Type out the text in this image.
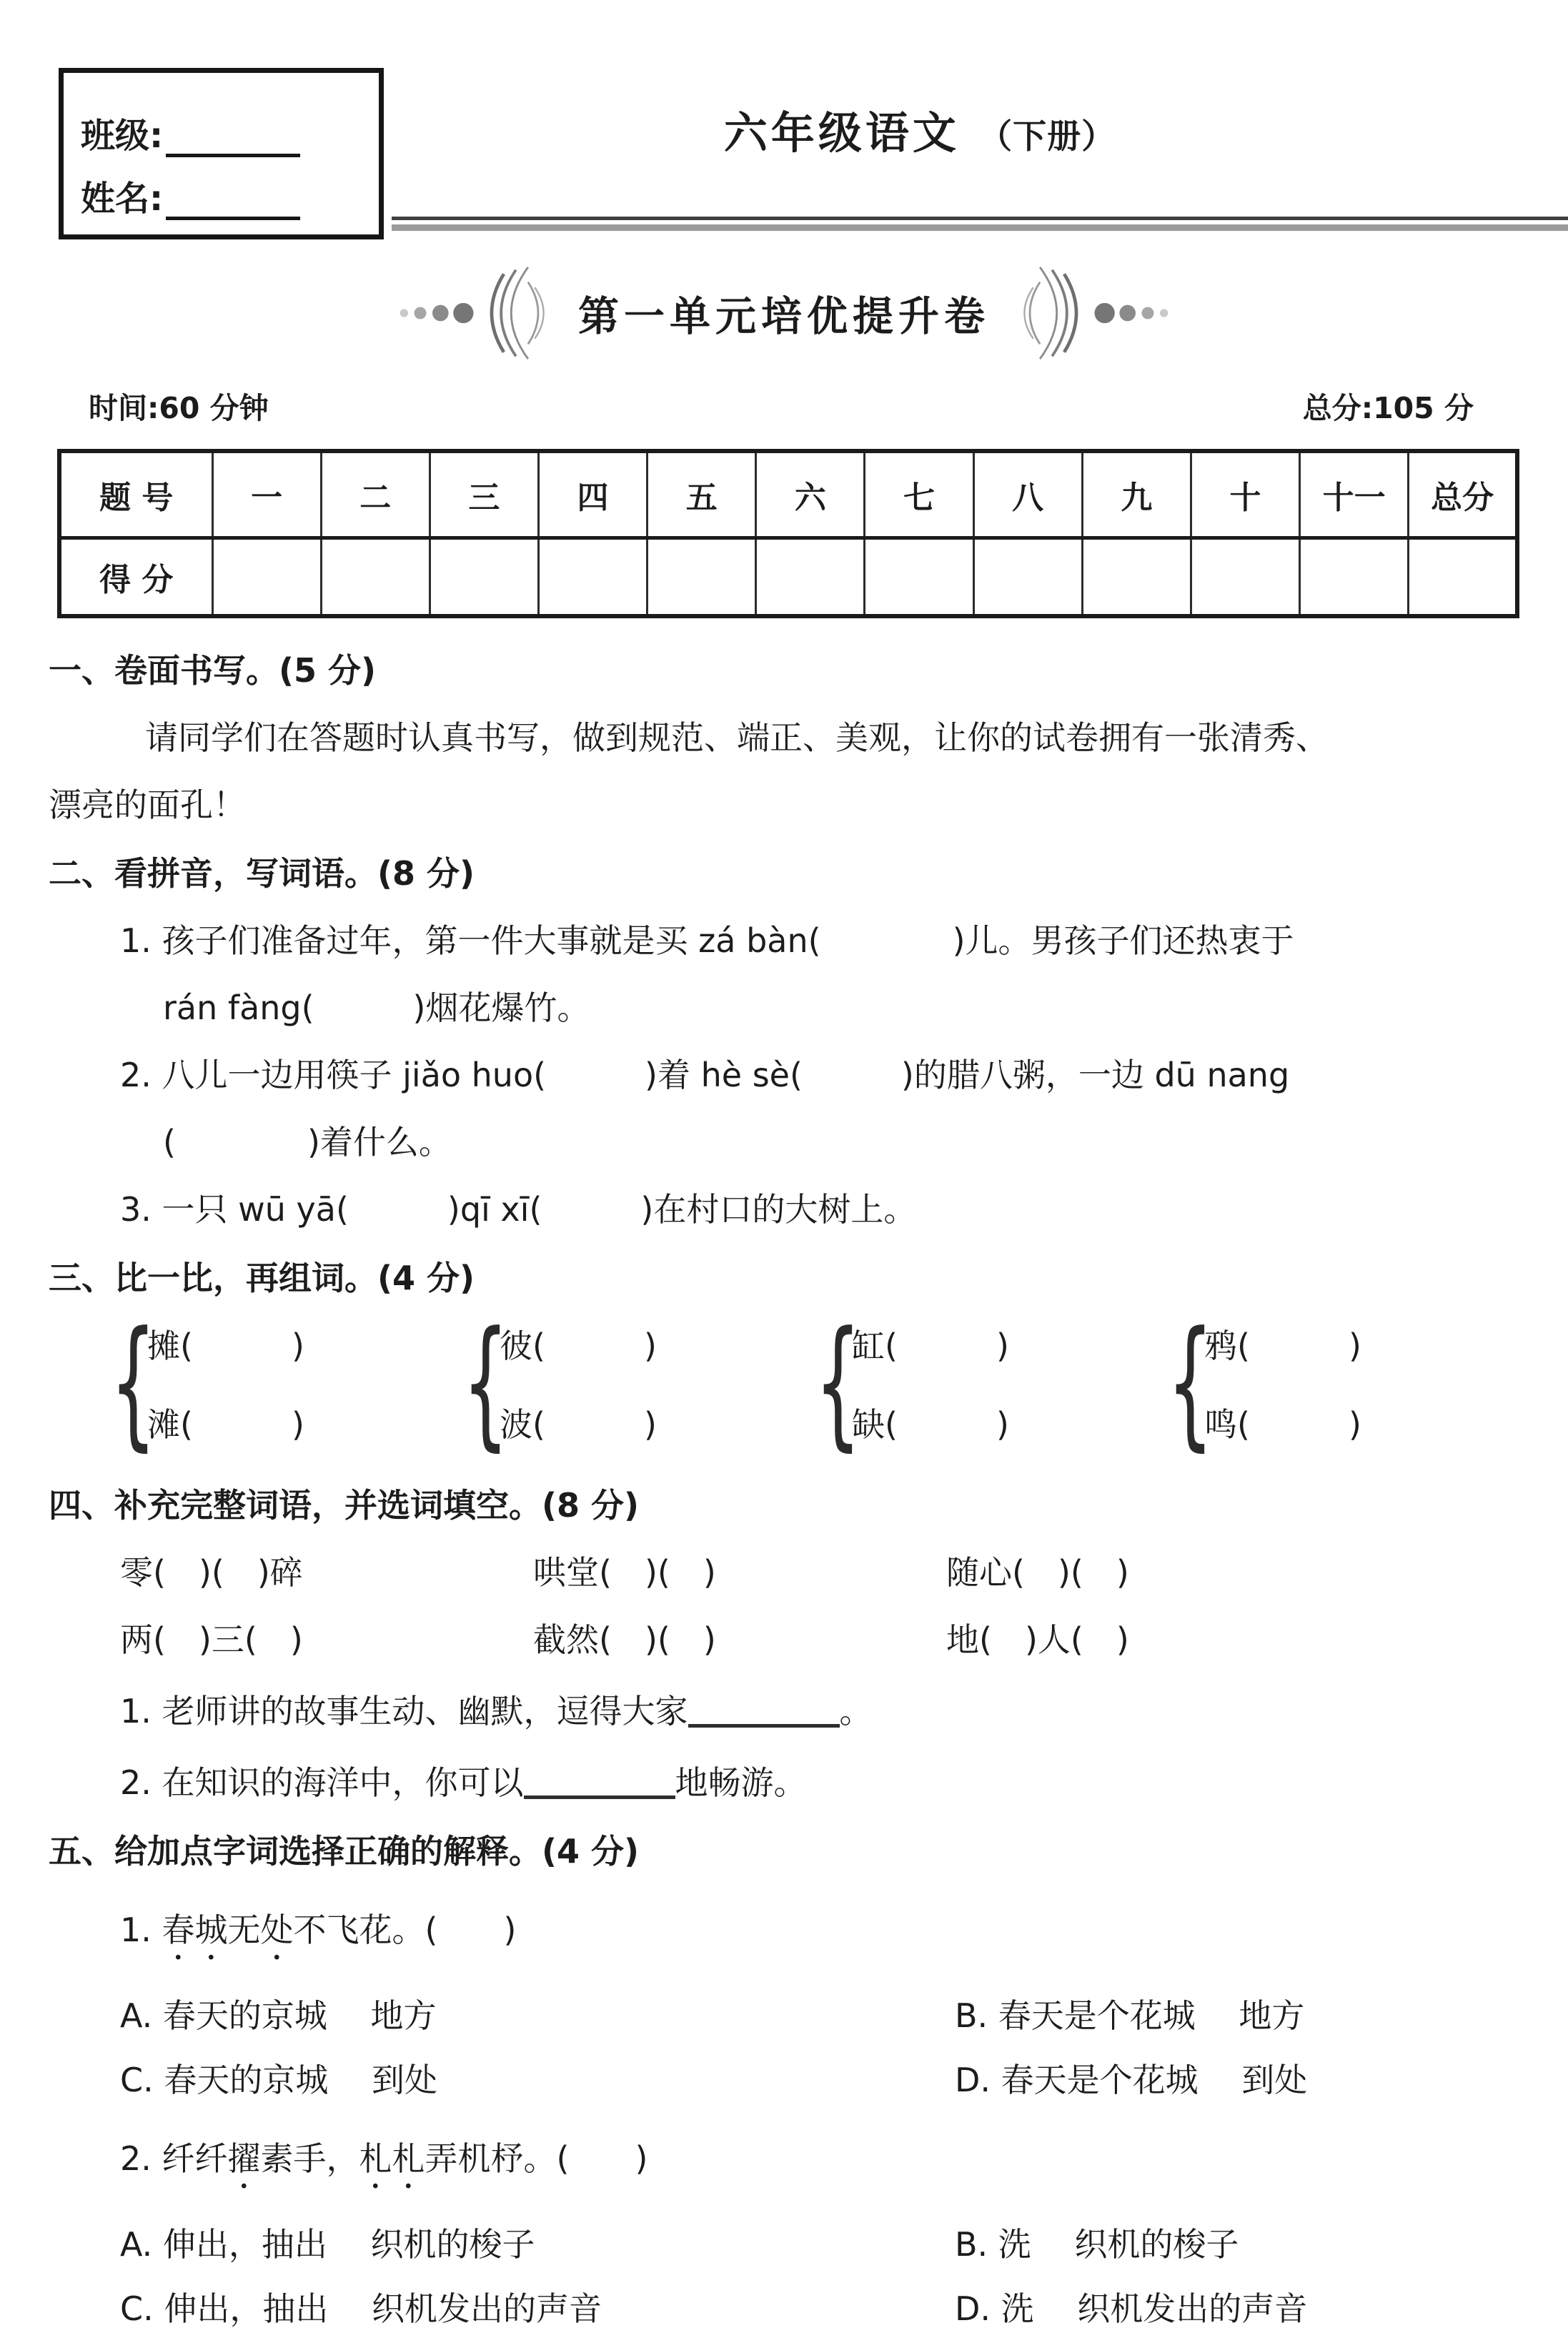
班级:
姓名:
六年级语文 （下册）
第一单元培优提升卷
时间:60 分钟	总分:105 分
题 号	一	二	三	四	五	六	七	八	九	十	十一	总分
得 分												
一、卷面书写。(5 分)
请同学们在答题时认真书写，做到规范、端正、美观，让你的试卷拥有一张清秀、
漂亮的面孔！
二、看拼音，写词语。(8 分)
1. 孩子们准备过年，第一件大事就是买 zá bàn(　　　　)儿。男孩子们还热衷于
rán fàng(　　　)烟花爆竹。
2. 八儿一边用筷子 jiǎo huo(　　　)着 hè sè(　　　)的腊八粥，一边 dū nang
(　　　　)着什么。
3. 一只 wū yā(　　　)qī xī(　　　)在村口的大树上。
三、比一比，再组词。(4 分)
{
摊(　　　)
滩(　　　)
{
彼(　　　)
波(　　　)
{
缸(　　　)
缺(　　　)
{
鸦(　　　)
鸣(　　　)
四、补充完整词语，并选词填空。(8 分)
零(　)(　)碎	哄堂(　)(　)	随心(　)(　)
两(　)三(　)	截然(　)(　)	地(　)人(　)
1. 老师讲的故事生动、幽默，逗得大家	。
2. 在知识的海洋中，你可以	地畅游。
五、给加点字词选择正确的解释。(4 分)
1. 春城无处不飞花。(　　)
A. 春天的京城　 地方	B. 春天是个花城　 地方
C. 春天的京城　 到处	D. 春天是个花城　 到处
2. 纤纤擢素手，札札弄机杼。(　　)
A. 伸出，抽出　 织机的梭子	B. 洗　 织机的梭子
C. 伸出，抽出　 织机发出的声音	D. 洗　 织机发出的声音
